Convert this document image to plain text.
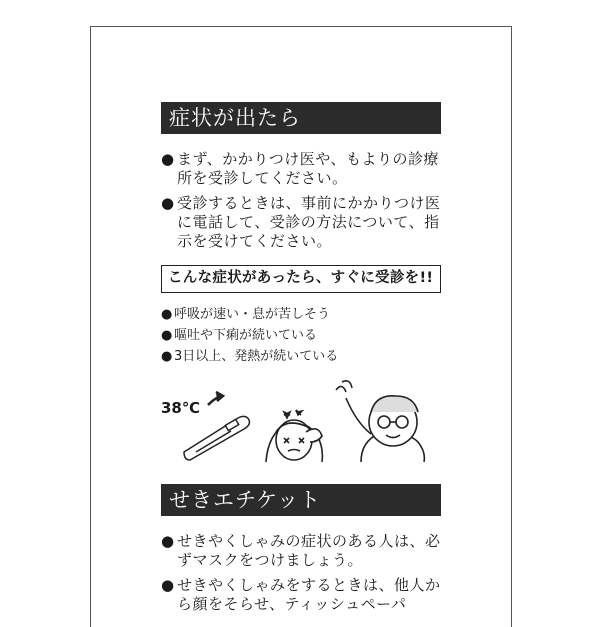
症状が出たら
● まず、かかりつけ医や、もよりの診療所を受診してください。
● 受診するときは、事前にかかりつけ医に電話して、受診の方法について、指示を受けてください。
こんな症状があったら、すぐに受診を!!
● 呼吸が速い・息が苦しそう
● 嘔吐や下痢が続いている
● 3日以上、発熱が続いている
38℃
せきエチケット
● せきやくしゃみの症状のある人は、必ずマスクをつけましょう。
● せきやくしゃみをするときは、他人から顔をそらせ、ティッシュペーパ
